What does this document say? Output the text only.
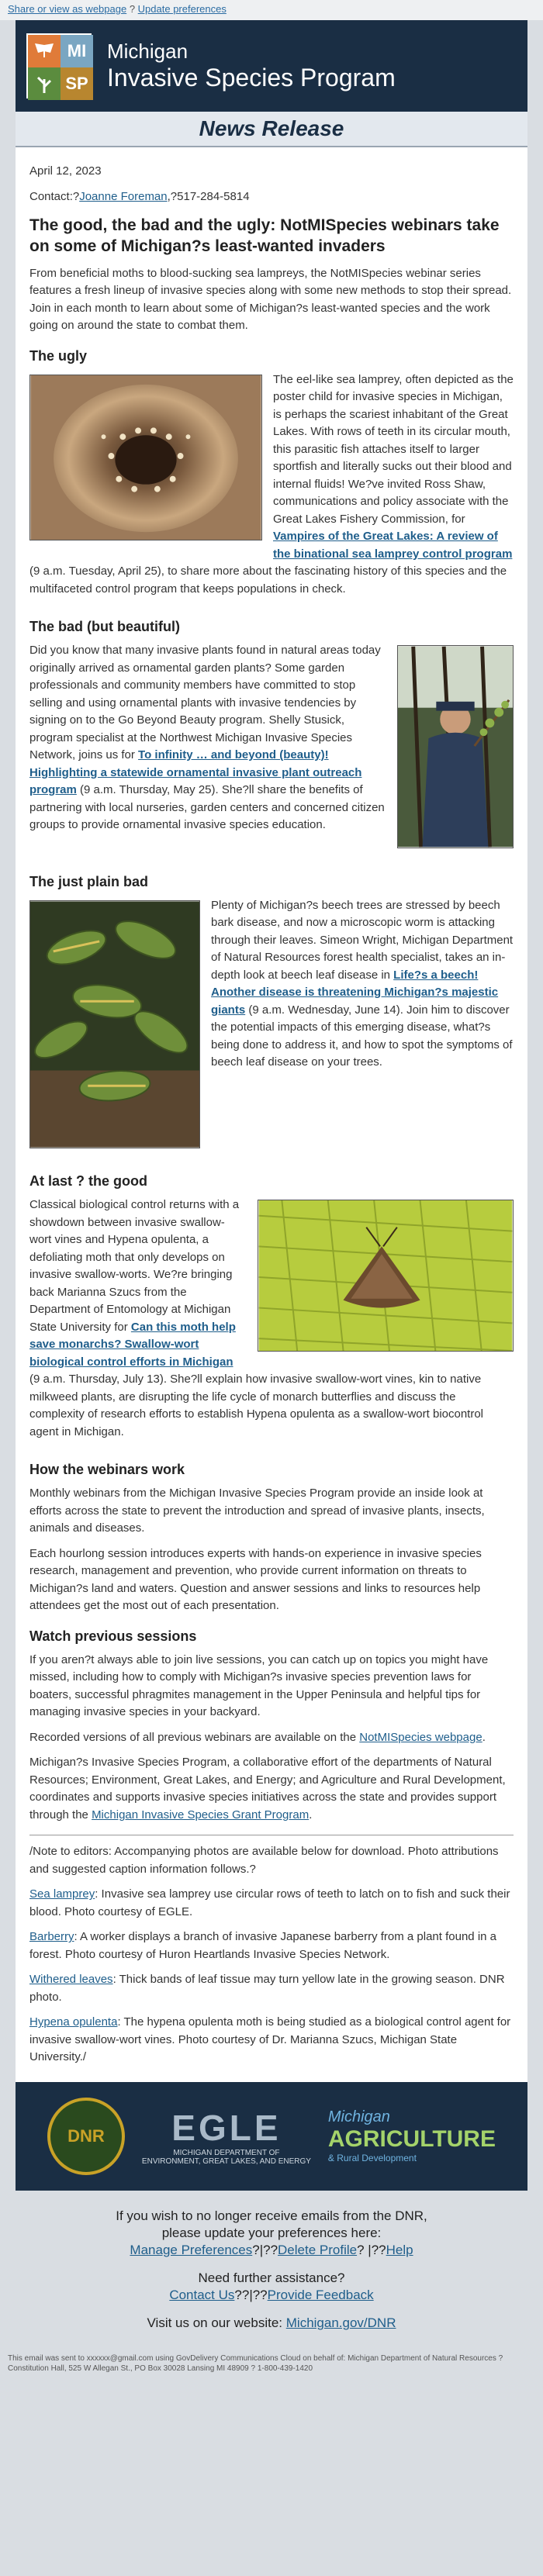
Share or view as webpage ? Update preferences
MI
SP
Michigan
Invasive Species Program
News Release

April 12, 2023

Contact:?Joanne Foreman,?517-284-5814

The good, the bad and the ugly: NotMISpecies webinars take on some of Michigan?s least-wanted invaders

From beneficial moths to blood-sucking sea lampreys, the NotMISpecies webinar series features a fresh lineup of invasive species along with some new methods to stop their spread. Join in each month to learn about some of Michigan?s least-wanted species and the work going on around the state to combat them.

The ugly

The eel-like sea lamprey, often depicted as the poster child for invasive species in Michigan, is perhaps the scariest inhabitant of the Great Lakes. With rows of teeth in its circular mouth, this parasitic fish attaches itself to larger sportfish and literally sucks out their blood and internal fluids! We?ve invited Ross Shaw, communications and policy associate with the Great Lakes Fishery Commission, for Vampires of the Great Lakes: A review of the binational sea lamprey control program (9 a.m. Tuesday, April 25), to share more about the fascinating history of this species and the multifaceted control program that keeps populations in check.

The bad (but beautiful)

Did you know that many invasive plants found in natural areas today originally arrived as ornamental garden plants? Some garden professionals and community members have committed to stop selling and using ornamental plants with invasive tendencies by signing on to the Go Beyond Beauty program. Shelly Stusick, program specialist at the Northwest Michigan Invasive Species Network, joins us for To infinity … and beyond (beauty)! Highlighting a statewide ornamental invasive plant outreach program (9 a.m. Thursday, May 25). She?ll share the benefits of partnering with local nurseries, garden centers and concerned citizen groups to provide ornamental invasive species education.

The just plain bad

Plenty of Michigan?s beech trees are stressed by beech bark disease, and now a microscopic worm is attacking through their leaves. Simeon Wright, Michigan Department of Natural Resources forest health specialist, takes an in-depth look at beech leaf disease in Life?s a beech! Another disease is threatening Michigan?s majestic giants (9 a.m. Wednesday, June 14). Join him to discover the potential impacts of this emerging disease, what?s being done to address it, and how to spot the symptoms of beech leaf disease on your trees.

At last ? the good

Classical biological control returns with a showdown between invasive swallow-wort vines and Hypena opulenta, a defoliating moth that only develops on invasive swallow-worts. We?re bringing back Marianna Szucs from the Department of Entomology at Michigan State University for Can this moth help save monarchs? Swallow-wort biological control efforts in Michigan (9 a.m. Thursday, July 13). She?ll explain how invasive swallow-wort vines, kin to native milkweed plants, are disrupting the life cycle of monarch butterflies and discuss the complexity of research efforts to establish Hypena opulenta as a swallow-wort biocontrol agent in Michigan.

How the webinars work

Monthly webinars from the Michigan Invasive Species Program provide an inside look at efforts across the state to prevent the introduction and spread of invasive plants, insects, animals and diseases.

Each hourlong session introduces experts with hands-on experience in invasive species research, management and prevention, who provide current information on threats to Michigan?s land and waters. Question and answer sessions and links to resources help attendees get the most out of each presentation.

Watch previous sessions

If you aren?t always able to join live sessions, you can catch up on topics you might have missed, including how to comply with Michigan?s invasive species prevention laws for boaters, successful phragmites management in the Upper Peninsula and helpful tips for managing invasive species in your backyard.

Recorded versions of all previous webinars are available on the NotMISpecies webpage.

Michigan?s Invasive Species Program, a collaborative effort of the departments of Natural Resources; Environment, Great Lakes, and Energy; and Agriculture and Rural Development, coordinates and supports invasive species initiatives across the state and provides support through the Michigan Invasive Species Grant Program.

/Note to editors: Accompanying photos are available below for download. Photo attributions and suggested caption information follows.?

Sea lamprey: Invasive sea lamprey use circular rows of teeth to latch on to fish and suck their blood. Photo courtesy of EGLE.

Barberry: A worker displays a branch of invasive Japanese barberry from a plant found in a forest. Photo courtesy of Huron Heartlands Invasive Species Network.

Withered leaves: Thick bands of leaf tissue may turn yellow late in the growing season. DNR photo.

Hypena opulenta: The hypena opulenta moth is being studied as a biological control agent for invasive swallow-wort vines. Photo courtesy of Dr. Marianna Szucs, Michigan State University./

DNR	EGLE
MICHIGAN DEPARTMENT OF
ENVIRONMENT, GREAT LAKES, AND ENERGY
Michigan
AGRICULTURE
& Rural Development
If you wish to no longer receive emails from the DNR,
please update your preferences here:
Manage Preferences?|??Delete Profile? |??Help
Need further assistance?
Contact Us??|??Provide Feedback
Visit us on our website: Michigan.gov/DNR
This email was sent to xxxxxx@gmail.com using GovDelivery Communications Cloud on behalf of: Michigan Department of Natural Resources ? Constitution Hall, 525 W Allegan St., PO Box 30028 Lansing MI 48909 ? 1-800-439-1420
